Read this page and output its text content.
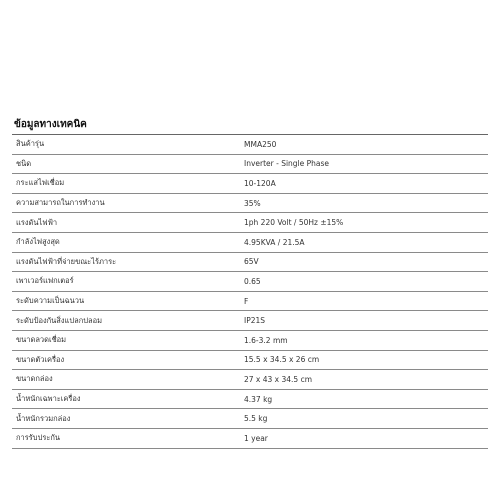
ข้อมูลทางเทคนิค
สินค้ารุ่น	MMA250
ชนิด	Inverter - Single Phase
กระแสไฟเชื่อม	10-120A
ความสามารถในการทำงาน	35%
แรงดันไฟฟ้า	1ph 220 Volt / 50Hz ±15%
กำลังไฟสูงสุด	4.95KVA / 21.5A
แรงดันไฟฟ้าที่จ่ายขณะไร้ภาระ	65V
เพาเวอร์แฟกเตอร์	0.65
ระดับความเป็นฉนวน	F
ระดับป้องกันสิ่งแปลกปลอม	IP21S
ขนาดลวดเชื่อม	1.6-3.2 mm
ขนาดตัวเครื่อง	15.5 x 34.5 x 26 cm
ขนาดกล่อง	27 x 43 x 34.5 cm
น้ำหนักเฉพาะเครื่อง	4.37 kg
น้ำหนักรวมกล่อง	5.5 kg
การรับประกัน	1 year
